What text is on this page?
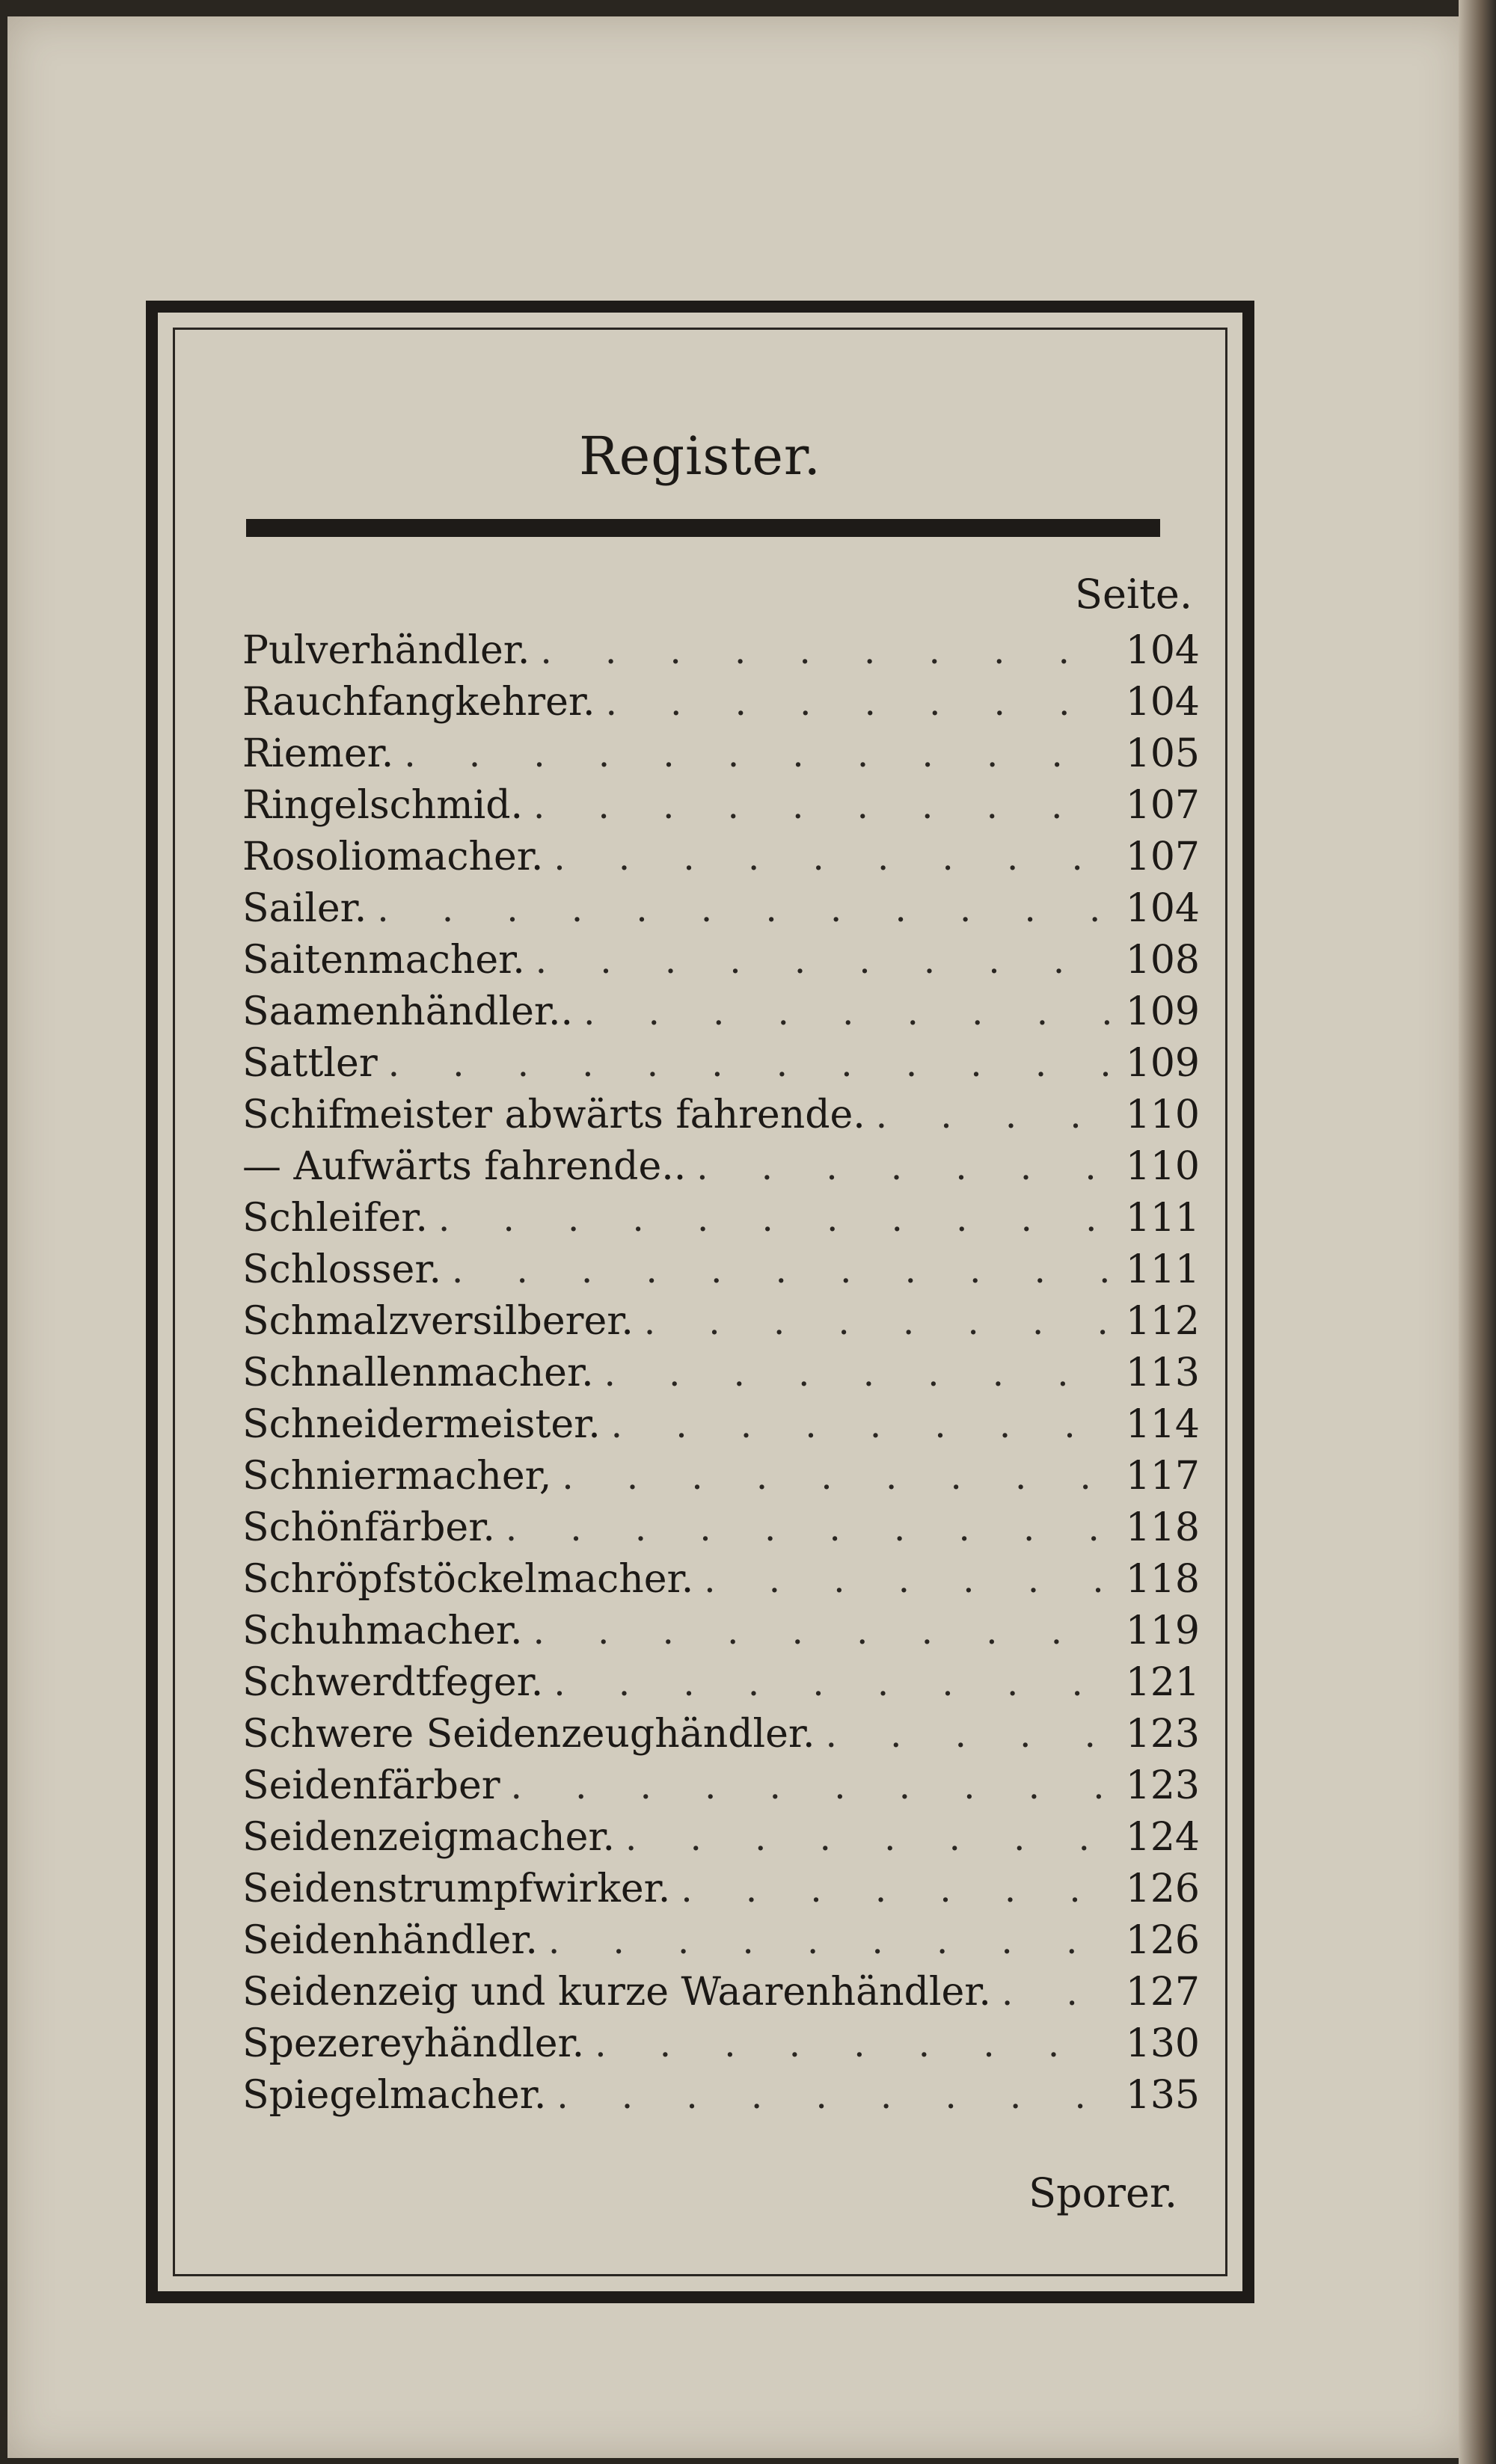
Register.
Seite.
Pulverhändler. . . .	104
Rauchfangkehrer. . . .	104
Riemer. . . .	105
Ringelschmid. . . .	107
Rosoliomacher. . . .	107
Sailer. . . .	104
Saitenmacher. . . .	108
Saamenhändler.. . . .	109
Sattler . . .	109
Schifmeister abwärts fahrende. . . .	110
— Aufwärts fahrende.. . . .	110
Schleifer. . . .	111
Schlosser. . . .	111
Schmalzversilberer. . . .	112
Schnallenmacher. . . .	113
Schneidermeister. . . .	114
Schniermacher, . . .	117
Schönfärber. . . .	118
Schröpfstöckelmacher. . . .	118
Schuhmacher. . . .	119
Schwerdtfeger. . . .	121
Schwere Seidenzeughändler. . . .	123
Seidenfärber . . .	123
Seidenzeigmacher. . . .	124
Seidenstrumpfwirker. . . .	126
Seidenhändler. . . .	126
Seidenzeig und kurze Waarenhändler. . . .	127
Spezereyhändler. . . .	130
Spiegelmacher. . . .	135
Sporer.
